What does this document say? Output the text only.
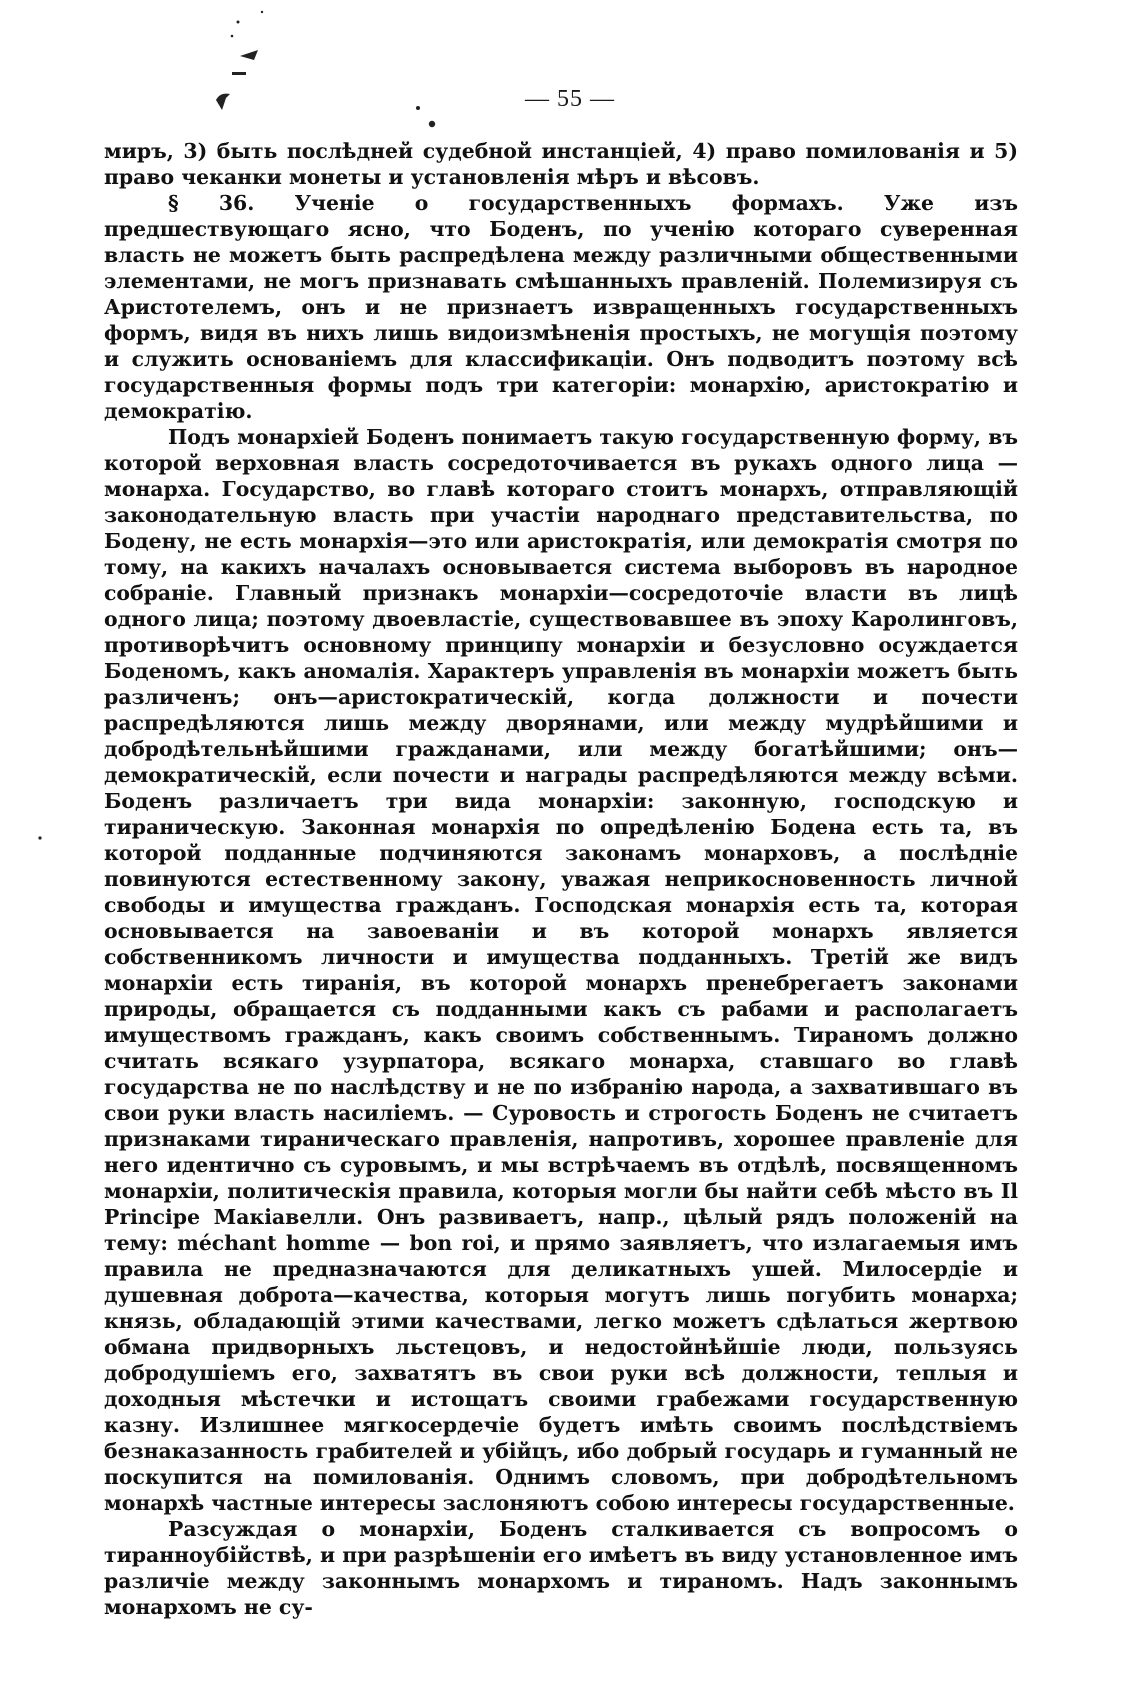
— 55 —

миръ, 3) быть послѣдней судебной инстанціей, 4) право помилованія и 5) право чеканки монеты и установленія мѣръ и вѣсовъ.

§ 36. Ученіе о государственныхъ формахъ. Уже изъ предшествующаго ясно, что Боденъ, по ученію котораго суверенная власть не можетъ быть распредѣлена между различными общественными элементами, не могъ признавать смѣшанныхъ правленій. Полемизируя съ Аристотелемъ, онъ и не признаетъ извращенныхъ государственныхъ формъ, видя въ нихъ лишь видоизмѣненія простыхъ, не могущія поэтому и служить основаніемъ для классификаціи. Онъ подводитъ поэтому всѣ государственныя формы подъ три категоріи: монархію, аристократію и демократію.

Подъ монархіей Боденъ понимаетъ такую государственную форму, въ которой верховная власть сосредоточивается въ рукахъ одного лица — монарха. Государство, во главѣ котораго стоитъ монархъ, отправляющій законодательную власть при участіи народнаго представительства, по Бодену, не есть монархія—это или аристократія, или демократія смотря по тому, на какихъ началахъ основывается система выборовъ въ народное собраніе. Главный признакъ монархіи—сосредоточіе власти въ лицѣ одного лица; поэтому двоевластіе, существовавшее въ эпоху Каролинговъ, противорѣчитъ основному принципу монархіи и безусловно осуждается Боденомъ, какъ аномалія. Характеръ управленія въ монархіи можетъ быть различенъ; онъ—аристократическій, когда должности и почести распредѣляются лишь между дворянами, или между мудрѣйшими и добродѣтельнѣйшими гражданами, или между богатѣйшими; онъ—демократическій, если почести и награды распредѣляются между всѣми. Боденъ различаетъ три вида монархіи: законную, господскую и тираническую. Законная монархія по опредѣленію Бодена есть та, въ которой подданные подчиняются законамъ монарховъ, а послѣдніе повинуются естественному закону, уважая неприкосновенность личной свободы и имущества гражданъ. Господская монархія есть та, которая основывается на завоеваніи и въ которой монархъ является собственникомъ личности и имущества подданныхъ. Третій же видъ монархіи есть тиранія, въ которой монархъ пренебрегаетъ законами природы, обращается съ подданными какъ съ рабами и располагаетъ имуществомъ гражданъ, какъ своимъ собственнымъ. Тираномъ должно считать всякаго узурпатора, всякаго монарха, ставшаго во главѣ государства не по наслѣдству и не по избранію народа, а захватившаго въ свои руки власть насиліемъ. — Суровость и строгость Боденъ не считаетъ признаками тираническаго правленія, напротивъ, хорошее правленіе для него идентично съ суровымъ, и мы встрѣчаемъ въ отдѣлѣ, посвященномъ монархіи, политическія правила, которыя могли бы найти себѣ мѣсто въ Il Principe Макіавелли. Онъ развиваетъ, напр., цѣлый рядъ положеній на тему: méchant homme — bon roi, и прямо заявляетъ, что излагаемыя имъ правила не предназначаются для деликатныхъ ушей. Милосердіе и душевная доброта—качества, которыя могутъ лишь погубить монарха; князь, обладающій этими качествами, легко можетъ сдѣлаться жертвою обмана придворныхъ льстецовъ, и недостойнѣйшіе люди, пользуясь добродушіемъ его, захватятъ въ свои руки всѣ должности, теплыя и доходныя мѣстечки и истощатъ своими грабежами государственную казну. Излишнее мягкосердечіе будетъ имѣть своимъ послѣдствіемъ безнаказанность грабителей и убійцъ, ибо добрый государь и гуманный не поскупится на помилованія. Однимъ словомъ, при добродѣтельномъ монархѣ частные интересы заслоняютъ собою интересы государственные.

Разсуждая о монархіи, Боденъ сталкивается съ вопросомъ о тиранноубійствѣ, и при разрѣшеніи его имѣетъ въ виду установленное имъ различіе между законнымъ монархомъ и тираномъ. Надъ законнымъ монархомъ не су-
